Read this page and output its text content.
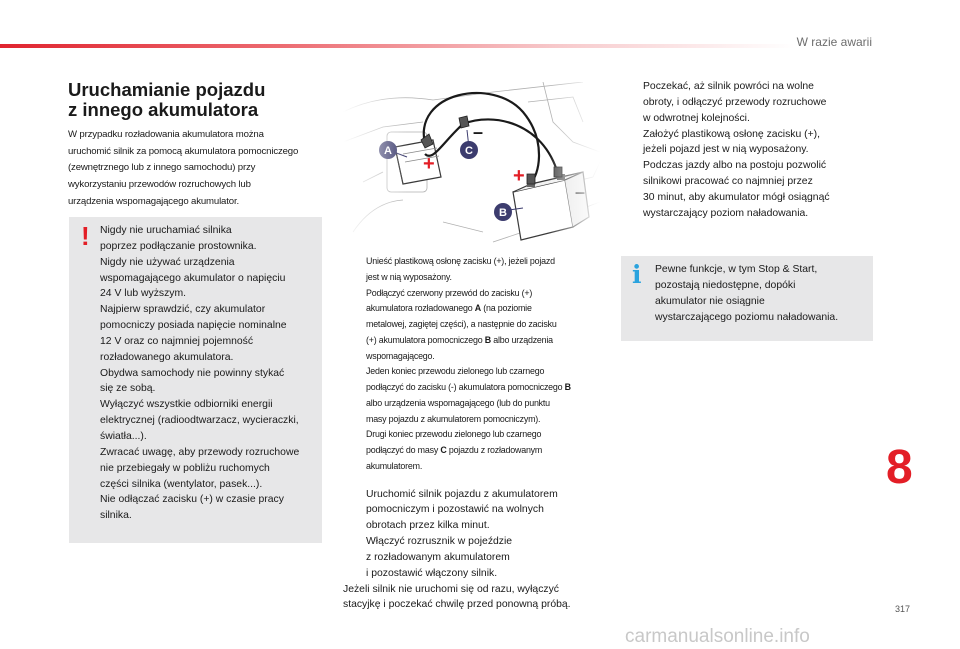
W razie awarii
Uruchamianie pojazdu
z innego akumulatora
W przypadku rozładowania akumulatora można
uruchomić silnik za pomocą akumulatora pomocniczego
(zewnętrznego lub z innego samochodu) przy
wykorzystaniu przewodów rozruchowych lub
urządzenia wspomagającego akumulator.
! Nigdy nie uruchamiać silnika
poprzez podłączanie prostownika.
Nigdy nie używać urządzenia
wspomagającego akumulator o napięciu
24 V lub wyższym.
Najpierw sprawdzić, czy akumulator
pomocniczy posiada napięcie nominalne
12 V oraz co najmniej pojemność
rozładowanego akumulatora.
Obydwa samochody nie powinny stykać
się ze sobą.
Wyłączyć wszystkie odbiorniki energii
elektrycznej (radioodtwarzacz, wycieraczki,
światła...).
Zwracać uwagę, aby przewody rozruchowe
nie przebiegały w pobliżu ruchomych
części silnika (wentylator, pasek...).
Nie odłączać zacisku (+) w czasie pracy
silnika.
Unieść plastikową osłonę zacisku (+), jeżeli pojazd
jest w nią wyposażony.
Podłączyć czerwony przewód do zacisku (+)
akumulatora rozładowanego A (na poziomie
metalowej, zagiętej części), a następnie do zacisku
(+) akumulatora pomocniczego B albo urządzenia
wspomagającego.
Jeden koniec przewodu zielonego lub czarnego
podłączyć do zacisku (-) akumulatora pomocniczego B
albo urządzenia wspomagającego (lub do punktu
masy pojazdu z akumulatorem pomocniczym).
Drugi koniec przewodu zielonego lub czarnego
podłączyć do masy C pojazdu z rozładowanym
akumulatorem.
Uruchomić silnik pojazdu z akumulatorem
pomocniczym i pozostawić na wolnych
obrotach przez kilka minut.
Włączyć rozrusznik w pojeździe
z rozładowanym akumulatorem
i pozostawić włączony silnik.
Jeżeli silnik nie uruchomi się od razu, wyłączyć
stacyjkę i poczekać chwilę przed ponowną próbą.
Poczekać, aż silnik powróci na wolne
obroty, i odłączyć przewody rozruchowe
w odwrotnej kolejności.
Założyć plastikową osłonę zacisku (+),
jeżeli pojazd jest w nią wyposażony.
Podczas jazdy albo na postoju pozwolić
silnikowi pracować co najmniej przez
30 minut, aby akumulator mógł osiągnąć
wystarczający poziom naładowania.
i Pewne funkcje, w tym Stop & Start,
pozostają niedostępne, dopóki
akumulator nie osiągnie
wystarczającego poziomu naładowania.
8
317
carmanualsonline.info
